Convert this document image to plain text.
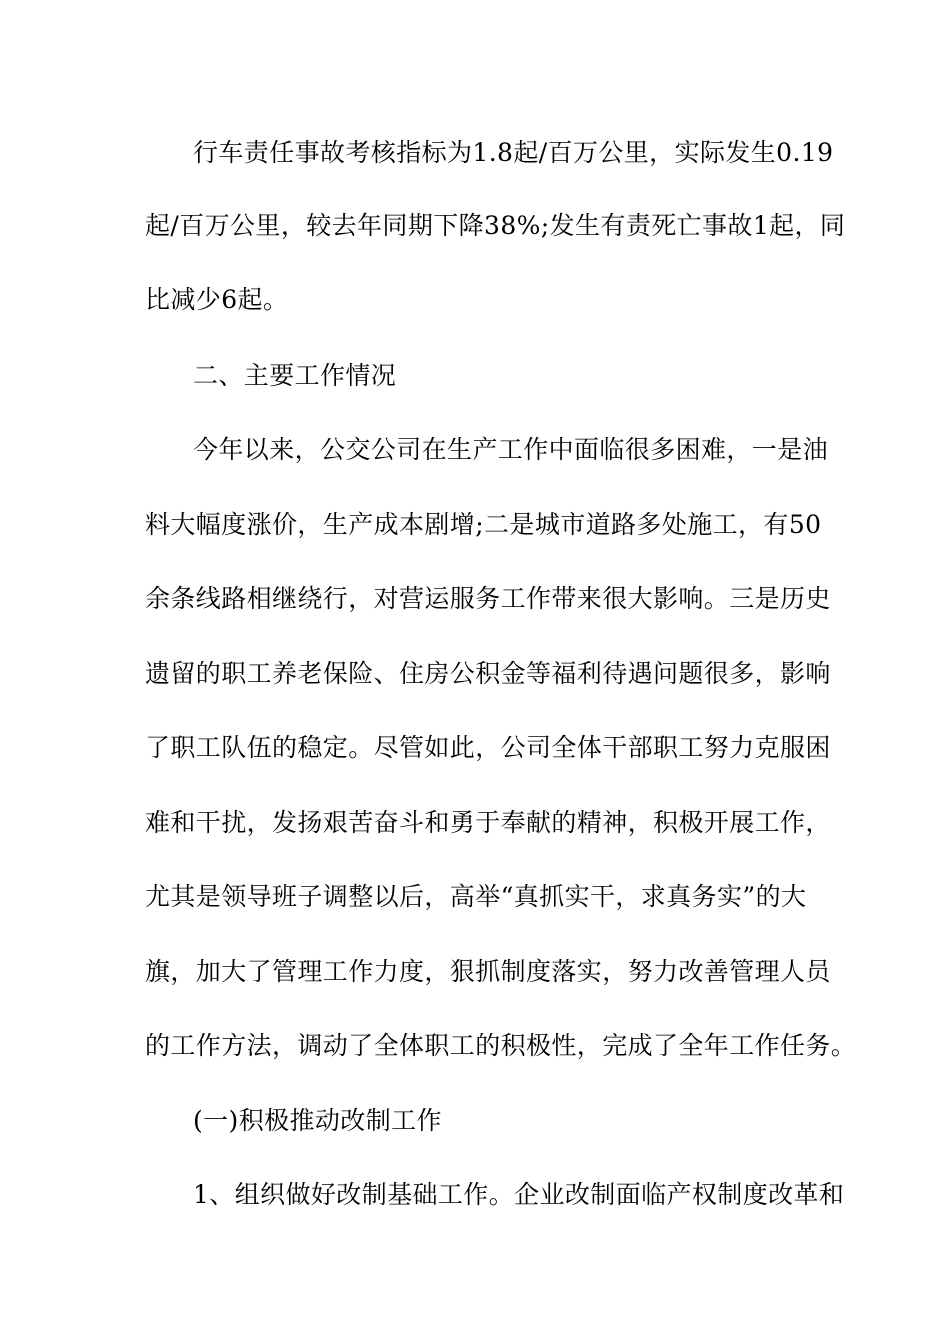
行车责任事故考核指标为1.8起/百万公里，实际发生0.19
起/百万公里，较去年同期下降38%;发生有责死亡事故1起，同
比减少6起。
二、主要工作情况
今年以来，公交公司在生产工作中面临很多困难，一是油
料大幅度涨价，生产成本剧增;二是城市道路多处施工，有50
余条线路相继绕行，对营运服务工作带来很大影响。三是历史
遗留的职工养老保险、住房公积金等福利待遇问题很多，影响
了职工队伍的稳定。尽管如此，公司全体干部职工努力克服困
难和干扰，发扬艰苦奋斗和勇于奉献的精神，积极开展工作，
尤其是领导班子调整以后，高举“真抓实干，求真务实”的大
旗，加大了管理工作力度，狠抓制度落实，努力改善管理人员
的工作方法，调动了全体职工的积极性，完成了全年工作任务。
(一)积极推动改制工作
1、组织做好改制基础工作。企业改制面临产权制度改革和
